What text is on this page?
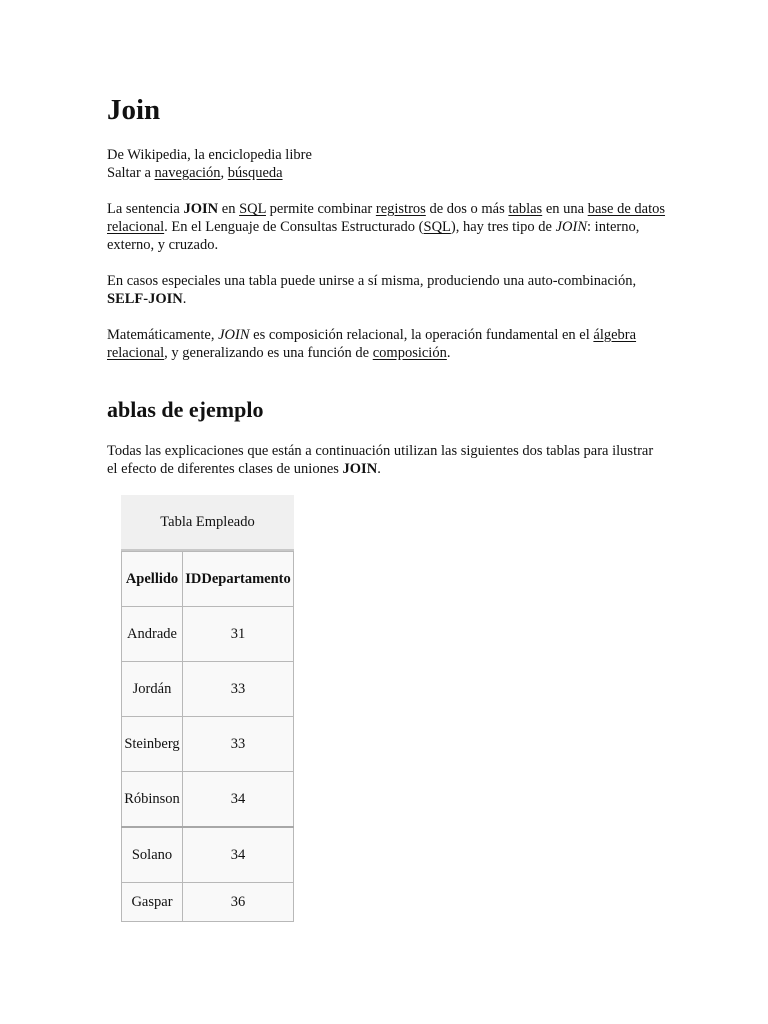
Join

De Wikipedia, la enciclopedia libre

Saltar a navegación, búsqueda

La sentencia JOIN en SQL permite combinar registros de dos o más tablas en una base de datos relacional. En el Lenguaje de Consultas Estructurado (SQL), hay tres tipo de JOIN: interno, externo, y cruzado.

En casos especiales una tabla puede unirse a sí misma, produciendo una auto-combinación, SELF-JOIN.

Matemáticamente, JOIN es composición relacional, la operación fundamental en el álgebra relacional, y generalizando es una función de composición.

ablas de ejemplo

Todas las explicaciones que están a continuación utilizan las siguientes dos tablas para ilustrar el efecto de diferentes clases de uniones JOIN.

Tabla Empleado
Apellido	IDDepartamento
Andrade	31
Jordán	33
Steinberg	33
Róbinson	34
Solano	34
Gaspar	36
